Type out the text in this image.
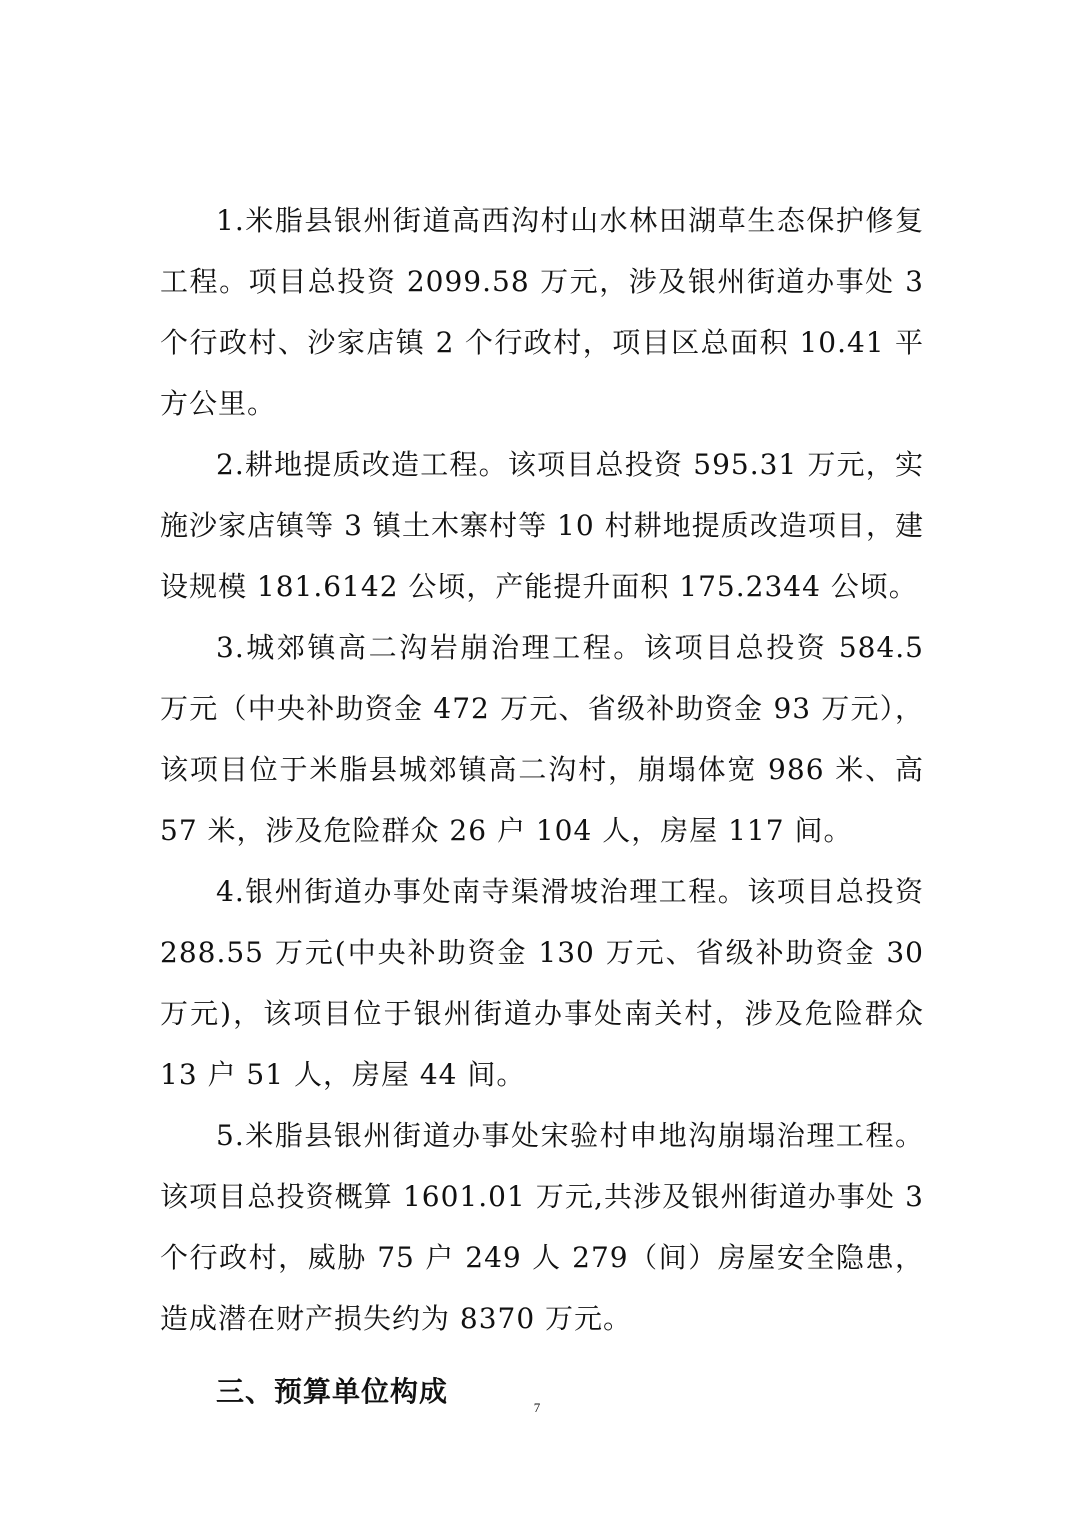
1.米脂县银州街道高西沟村山水林田湖草生态保护修复工程。项目总投资 2099.58 万元，涉及银州街道办事处 3 个行政村、沙家店镇 2 个行政村，项目区总面积 10.41 平方公里。

2.耕地提质改造工程。该项目总投资 595.31 万元，实施沙家店镇等 3 镇土木寨村等 10 村耕地提质改造项目，建设规模 181.6142 公顷，产能提升面积 175.2344 公顷。

3.城郊镇高二沟岩崩治理工程。该项目总投资 584.5 万元（中央补助资金 472 万元、省级补助资金 93 万元），该项目位于米脂县城郊镇高二沟村，崩塌体宽 986 米、高 57 米，涉及危险群众 26 户 104 人，房屋 117 间。

4.银州街道办事处南寺渠滑坡治理工程。该项目总投资 288.55 万元(中央补助资金 130 万元、省级补助资金 30 万元)，该项目位于银州街道办事处南关村，涉及危险群众 13 户 51 人，房屋 44 间。

5.米脂县银州街道办事处宋验村申地沟崩塌治理工程。该项目总投资概算 1601.01 万元,共涉及银州街道办事处 3 个行政村，威胁 75 户 249 人 279（间）房屋安全隐患，造成潜在财产损失约为 8370 万元。

三、预算单位构成	7
